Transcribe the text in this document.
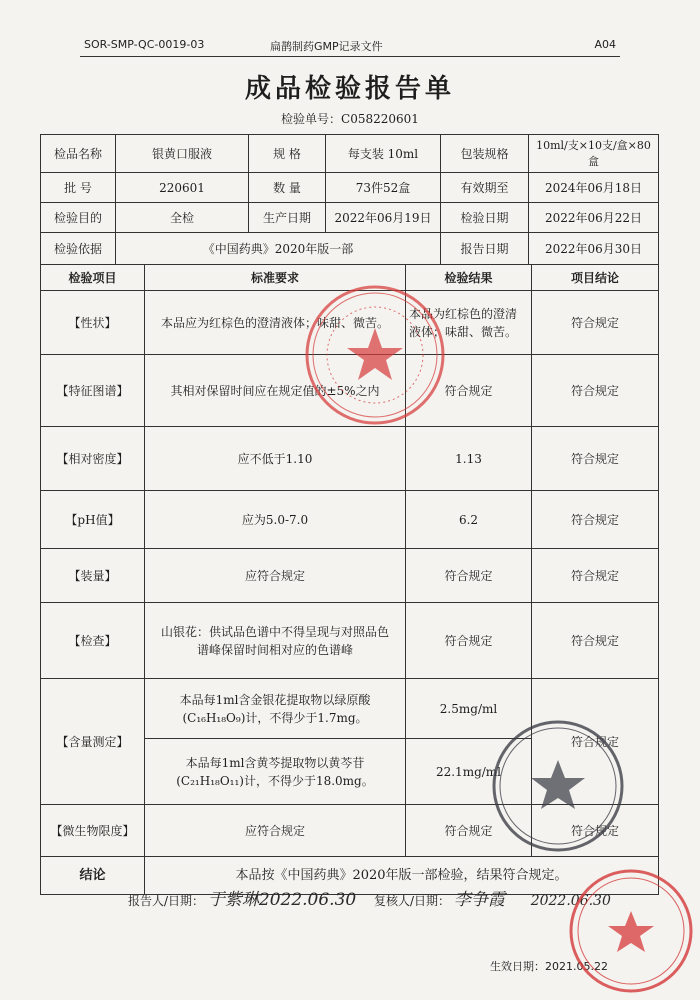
SOR-SMP-QC-0019-03	扁鹊制药GMP记录文件	A04
成品检验报告单
检验单号：C058220601
检品名称	银黄口服液	规 格	每支装 10ml	包装规格	10ml/支×10支/盒×80盒
批 号	220601	数 量	73件52盒	有效期至	2024年06月18日
检验目的	全检	生产日期	2022年06月19日	检验日期	2022年06月22日
检验依据	《中国药典》2020年版一部			报告日期	2022年06月30日
检验项目	标准要求	检验结果	项目结论
【性状】	本品应为红棕色的澄清液体；味甜、微苦。	本品为红棕色的澄清液体；味甜、微苦。	符合规定
【特征图谱】	其相对保留时间应在规定值的±5%之内	符合规定	符合规定
【相对密度】	应不低于1.10	1.13	符合规定
【pH值】	应为5.0-7.0	6.2	符合规定
【装量】	应符合规定	符合规定	符合规定
【检查】	山银花：供试品色谱中不得呈现与对照品色谱峰保留时间相对应的色谱峰	符合规定	符合规定
【含量测定】	本品每1ml含金银花提取物以绿原酸(C₁₆H₁₈O₉)计，不得少于1.7mg。	2.5mg/ml	符合规定
	本品每1ml含黄芩提取物以黄芩苷(C₂₁H₁₈O₁₁)计，不得少于18.0mg。	22.1mg/ml	
【微生物限度】	应符合规定	符合规定	符合规定
结论	本品按《中国药典》2020年版一部检验，结果符合规定。		
报告人/日期： 于紫琳2022.06.30 复核人/日期： 李争霞 2022.06.30
生效日期：2021.05.22
